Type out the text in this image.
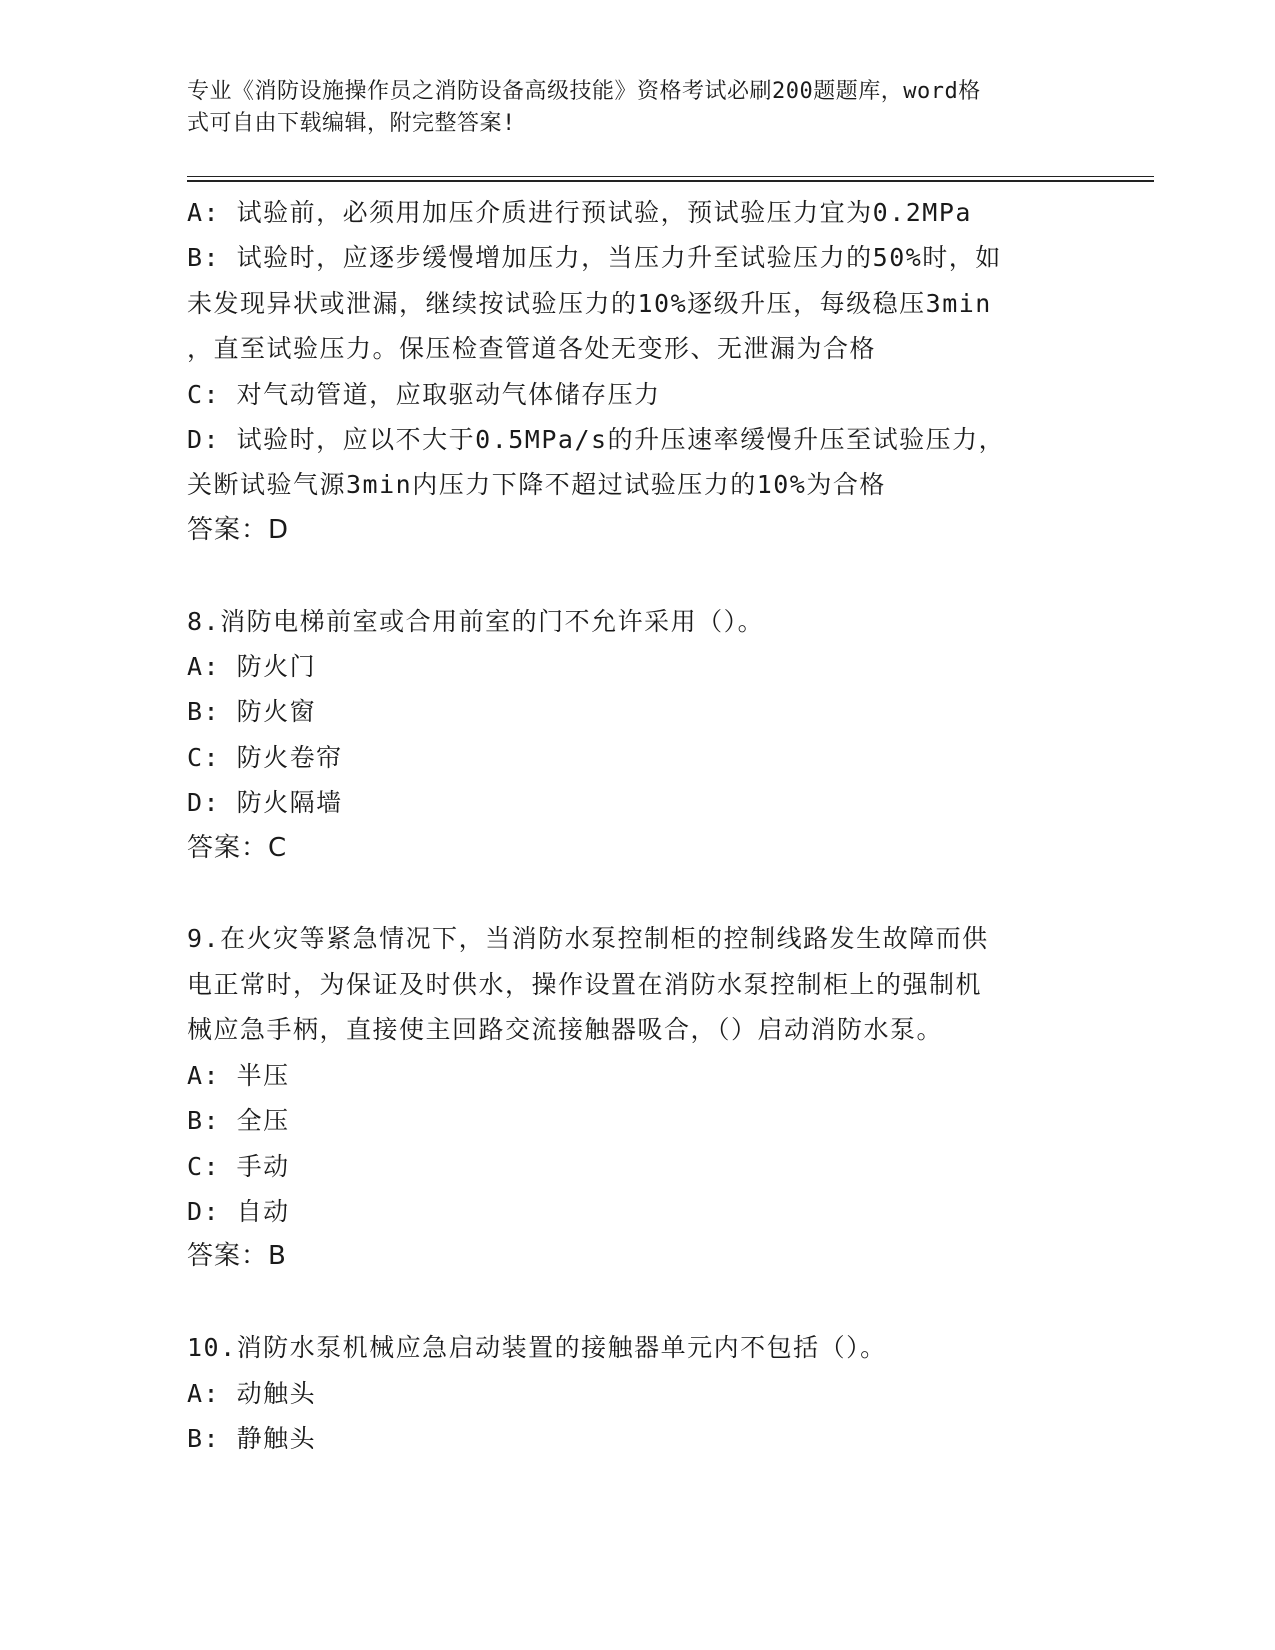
专业《消防设施操作员之消防设备高级技能》资格考试必刷200题题库，word格
式可自由下载编辑，附完整答案!
A: 试验前，必须用加压介质进行预试验，预试验压力宜为0.2MPa
B: 试验时，应逐步缓慢增加压力，当压力升至试验压力的50%时，如
未发现异状或泄漏，继续按试验压力的10%逐级升压，每级稳压3min
，直至试验压力。保压检查管道各处无变形、无泄漏为合格
C: 对气动管道，应取驱动气体储存压力
D: 试验时，应以不大于0.5MPa/s的升压速率缓慢升压至试验压力，
关断试验气源3min内压力下降不超过试验压力的10%为合格
答案：D
8.消防电梯前室或合用前室的门不允许采用（）。
A: 防火门
B: 防火窗
C: 防火卷帘
D: 防火隔墙
答案：C
9.在火灾等紧急情况下，当消防水泵控制柜的控制线路发生故障而供
电正常时，为保证及时供水，操作设置在消防水泵控制柜上的强制机
械应急手柄，直接使主回路交流接触器吸合，（）启动消防水泵。
A: 半压
B: 全压
C: 手动
D: 自动
答案：B
10.消防水泵机械应急启动装置的接触器单元内不包括（）。
A: 动触头
B: 静触头
